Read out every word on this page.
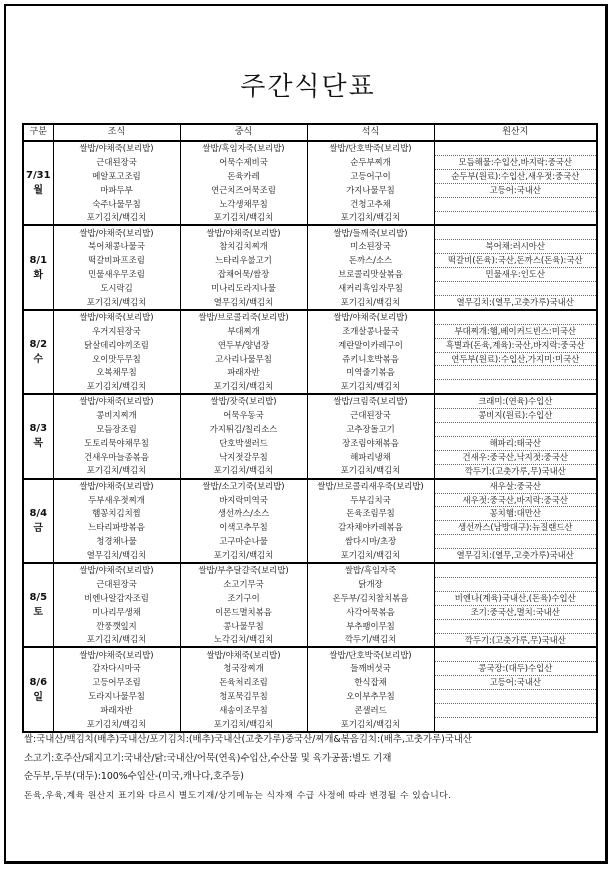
주간식단표
구분	조식	중식	석식	원산지

7/31
월	쌀밥/야채죽(보리밥)	쌀밥/흑임자죽(보리밥)	쌀밥/단호박죽(보리밥)	
	근대된장국	어묵수제비국	순두부찌개	모듬해물:수입산,바지락:중국산
	메알포고조림	돈육카레	고등어구이	순두부(원료):수입산,새우젓:중국산
	마파두부	연근치즈어묵조림	가지나물무침	고등어:국내산
	숙주나물무침	노각생채무침	건청고추채	
	포기김치/백김치	포기김치/백김치	포기김치/백김치	

8/1
화	쌀밥/야채죽(보리밥)	쌀밥/야채죽(보리밥)	쌀밥/들깨죽(보리밥)	
	북어채콩나물국	참치김치찌개	미소된장국	북어채:러시아산
	떡갈비파프조림	느타리우불고기	돈까스/소스	떡갈비(돈육):국산,돈까스(돈육):국산
	민물새우무조림	잡채어묵/쌈장	브로콜리맛살볶음	민물새우:인도산
	도시락김	미나리도라지나물	새커리흑임자무침	
	포기김치/백김치	열무김치/백김치	포기김치/백김치	열무김치:(열무,고춧가루)국내산

8/2
수	쌀밥/야채죽(보리밥)	쌀밥/브로콜리죽(보리밥)	쌀밥/야채죽(보리밥)	
	우거지된장국	부대찌개	조개살콩나물국	부대찌개:햄,베이커드빈스:미국산
	닭살데리야끼조림	연두부/양념장	계란말이카레구이	흑별과(돈육,계육):국산,바지락:중국산
	오이맛두무침	고사리나물무침	쥬키니호박볶음	연두부(원료):수입산,가지미:미국산
	오복채무침	파래자반	미역줄기볶음	
	포기김치/백김치	포기김치/백김치	포기김치/백김치	

8/3
목	쌀밥/야채죽(보리밥)	쌀밥/잣죽(보리밥)	쌀밥/크림죽(보리밥)	크래미:(연육)수입산
	콩비지찌개	어묵우동국	근대된장국	콩비지(원료):수입산
	모듬장조림	가지튀김/칠리소스	고추장돌고기	
	도토리묵야채무침	단호박샐러드	장조림야채볶음	해파리:태국산
	건새우마늘종볶음	낙지젓갈무침	해파리냉채	건새우:중국산,낙지젓:중국산
	포기김치/백김치	포기김치/백김치	포기김치/백김치	깍두기:(고춧가루,무)국내산

8/4
금	쌀밥/야채죽(보리밥)	쌀밥/소고기죽(보리밥)	쌀밥/브로콜리새우죽(보리밥)	새우살:중국산
	두부새우젓찌개	바지락미역국	두부김치국	새우젓:중국산,바지락:중국산
	햄꽁치김치찜	생선까스/소스	돈육조림무침	꽁치햄:대만산
	느타리파방볶음	이색고추무침	감자채야카레볶음	생선까스(남방대구):뉴질랜드산
	청경채나물	고구마순나물	쌈다시마/초장	
	열무김치/백김치	포기김치/백김치	포기김치/백김치	열무김치:(열무,고춧가루)국내산

8/5
토	쌀밥/야채죽(보리밥)	쌀밥/부추달걀죽(보리밥)	쌀밥/흑임자죽	
	근대된장국	소고기무국	닭개장	
	비엔나알감자조림	조기구이	온두부/김치참치볶음	비엔나(계육)국내산,(돈육)수입산
	미나리무생채	이몬드멸치볶음	사각어묵볶음	조기:중국산,멸치:국내산
	깐풍깻잎지	콩나물무침	부추팽이무침	
	포기김치/백김치	노각김치/백김치	깍두기/백김치	깍두기:(고춧가루,무)국내산

8/6
일	쌀밥/야채죽(보리밥)	쌀밥/야채죽(보리밥)	쌀밥/단호박죽(보리밥)	
	감자다시마국	청국장찌개	들깨버섯국	콩국장:(대두)수입산
	고등어무조림	돈육처리조림	한식잡채	고등어:국내산
	도라지나물무침	청포묵김무침	오이부추무침	
	파래자반	새송이조무침	콘샐러드	
	포기김치/백김치	포기김치/백김치	포기김치/백김치	
쌀:국내산/백김치(배추)국내산/포기김치:(배추)국내산(고춧가루)중국산/찌개&볶음김치:(배추,고춧가루)국내산
소고기:호주산/돼지고기:국내산/닭:국내산/어묵(연육)수입산,수산물 및 육가공품:별도 기재
순두부,두부(대두):100%수입산-(미국,캐나다,호주등)
돈육,우육,계육 원산지 표기와 다르시 별도기재/상기메뉴는 식자재 수급 사정에 따라 변경될 수 있습니다.
